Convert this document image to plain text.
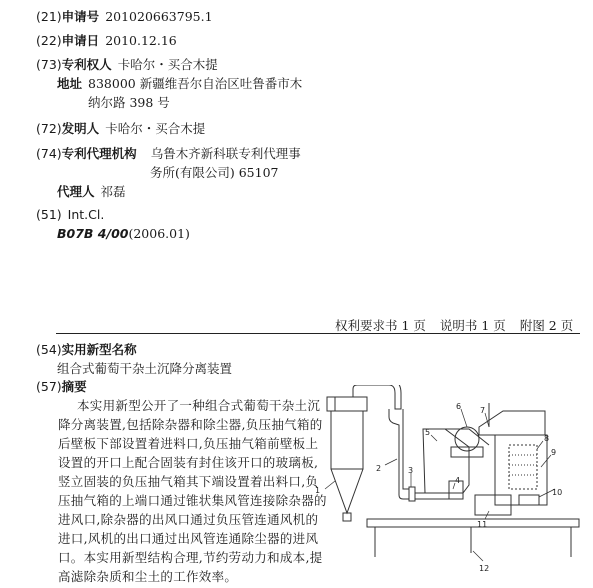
(21)申请号 201020663795.1
(22)申请日 2010.12.16
(73)专利权人 卡哈尔・买合木提
地址 838000 新疆维吾尔自治区吐鲁番市木
纳尔路 398 号
(72)发明人 卡哈尔・买合木提
(74)专利代理机构 乌鲁木齐新科联专利代理事
务所(有限公司) 65107
代理人 祁磊
(51) Int.Cl.
B07B 4/00(2006.01)
权利要求书 1 页 说明书 1 页 附图 2 页
(54)实用新型名称
组合式葡萄干杂土沉降分离装置
(57)摘要
本实用新型公开了一种组合式葡萄干杂土沉
降分离装置,包括除杂器和除尘器,负压抽气箱的
后壁板下部设置着进料口,负压抽气箱前壁板上
设置的开口上配合固装有封住该开口的玻璃板,
竖立固装的负压抽气箱其下端设置着出料口,负
压抽气箱的上端口通过锥状集风管连接除杂器的
进风口,除杂器的出风口通过负压管连通风机的
进口,风机的出口通过出风管连通除尘器的进风
口。本实用新型结构合理,节约劳动力和成本,提
高滤除杂质和尘土的工作效率。
1
2	3
4
5
6 7
8
9
10
11
12
